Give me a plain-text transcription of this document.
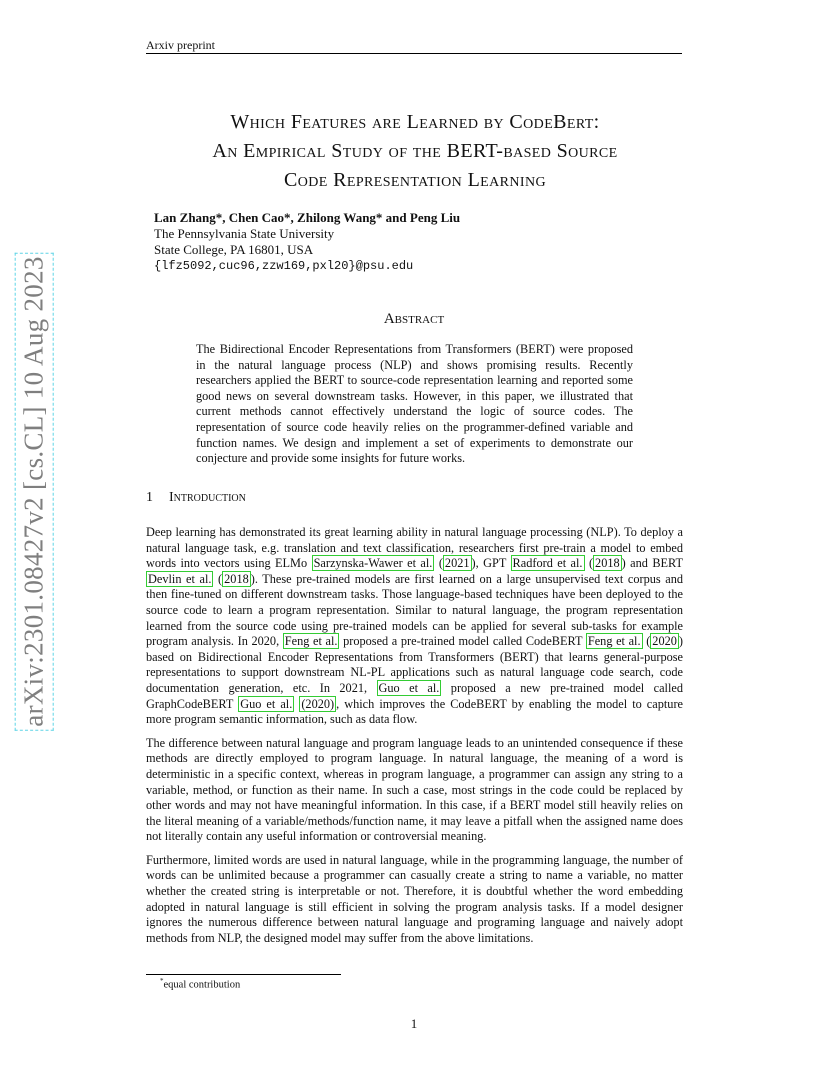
Arxiv preprint
arXiv:2301.08427v2 [cs.CL] 10 Aug 2023
Which Features are Learned by CodeBert:
An Empirical Study of the BERT-based Source
Code Representation Learning
Lan Zhang*, Chen Cao*, Zhilong Wang* and Peng Liu
The Pennsylvania State University
State College, PA 16801, USA
{lfz5092,cuc96,zzw169,pxl20}@psu.edu
Abstract
The Bidirectional Encoder Representations from Transformers (BERT) were proposed in the natural language process (NLP) and shows promising results. Recently researchers applied the BERT to source-code representation learning and reported some good news on several downstream tasks. However, in this paper, we illustrated that current methods cannot effectively understand the logic of source codes. The representation of source code heavily relies on the programmer-defined variable and function names. We design and implement a set of experiments to demonstrate our conjecture and provide some insights for future works.
1 Introduction

Deep learning has demonstrated its great learning ability in natural language processing (NLP). To deploy a natural language task, e.g. translation and text classification, researchers first pre-train a model to embed words into vectors using ELMo Sarzynska-Wawer et al. ( 2021 ), GPT Radford et al. ( 2018 ) and BERT Devlin et al. ( 2018 ). These pre-trained models are first learned on a large unsupervised text corpus and then fine-tuned on different downstream tasks. Those language-based techniques have been deployed to the source code to learn a program representation. Similar to natural language, the program representation learned from the source code using pre-trained models can be applied for several sub-tasks for example program analysis. In 2020, Feng et al. proposed a pre-trained model called CodeBERT Feng et al. ( 2020 ) based on Bidirectional Encoder Representations from Transformers (BERT) that learns general-purpose representations to support downstream NL-PL applications such as natural language code search, code documentation generation, etc. In 2021, Guo et al. proposed a new pre-trained model called GraphCodeBERT Guo et al. (2020) , which improves the CodeBERT by enabling the model to capture more program semantic information, such as data flow.

The difference between natural language and program language leads to an unintended consequence if these methods are directly employed to program language. In natural language, the meaning of a word is deterministic in a specific context, whereas in program language, a programmer can assign any string to a variable, method, or function as their name. In such a case, most strings in the code could be replaced by other words and may not have meaningful information. In this case, if a BERT model still heavily relies on the literal meaning of a variable/methods/function name, it may leave a pitfall when the assigned name does not literally contain any useful information or controversial meaning.

Furthermore, limited words are used in natural language, while in the programming language, the number of words can be unlimited because a programmer can casually create a string to name a variable, no matter whether the created string is interpretable or not. Therefore, it is doubtful whether the word embedding adopted in natural language is still efficient in solving the program analysis tasks. If a model designer ignores the numerous difference between natural language and programing language and naively adopt methods from NLP, the designed model may suffer from the above limitations.

*equal contribution
1
